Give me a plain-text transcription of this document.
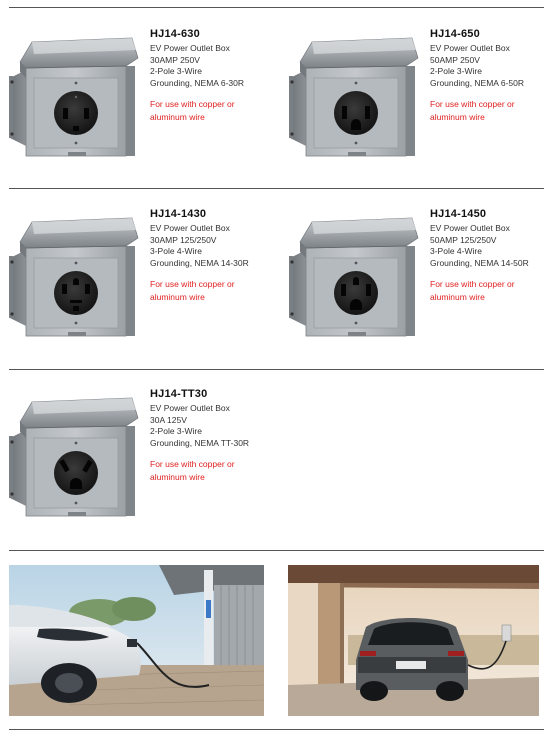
HJ14-630
EV Power Outlet Box
30AMP 250V
2-Pole 3-Wire
Grounding, NEMA 6-30R
For use with copper or aluminum wire
HJ14-650
EV Power Outlet Box
50AMP 250V
2-Pole 3-Wire
Grounding, NEMA 6-50R
For use with copper or aluminum wire
HJ14-1430
EV Power Outlet Box
30AMP 125/250V
3-Pole 4-Wire
Grounding, NEMA 14-30R
For use with copper or aluminum wire
HJ14-1450
EV Power Outlet Box
50AMP 125/250V
3-Pole 4-Wire
Grounding, NEMA 14-50R
For use with copper or aluminum wire
HJ14-TT30
EV Power Outlet Box
30A 125V
2-Pole 3-Wire
Grounding, NEMA TT-30R
For use with copper or aluminum wire
